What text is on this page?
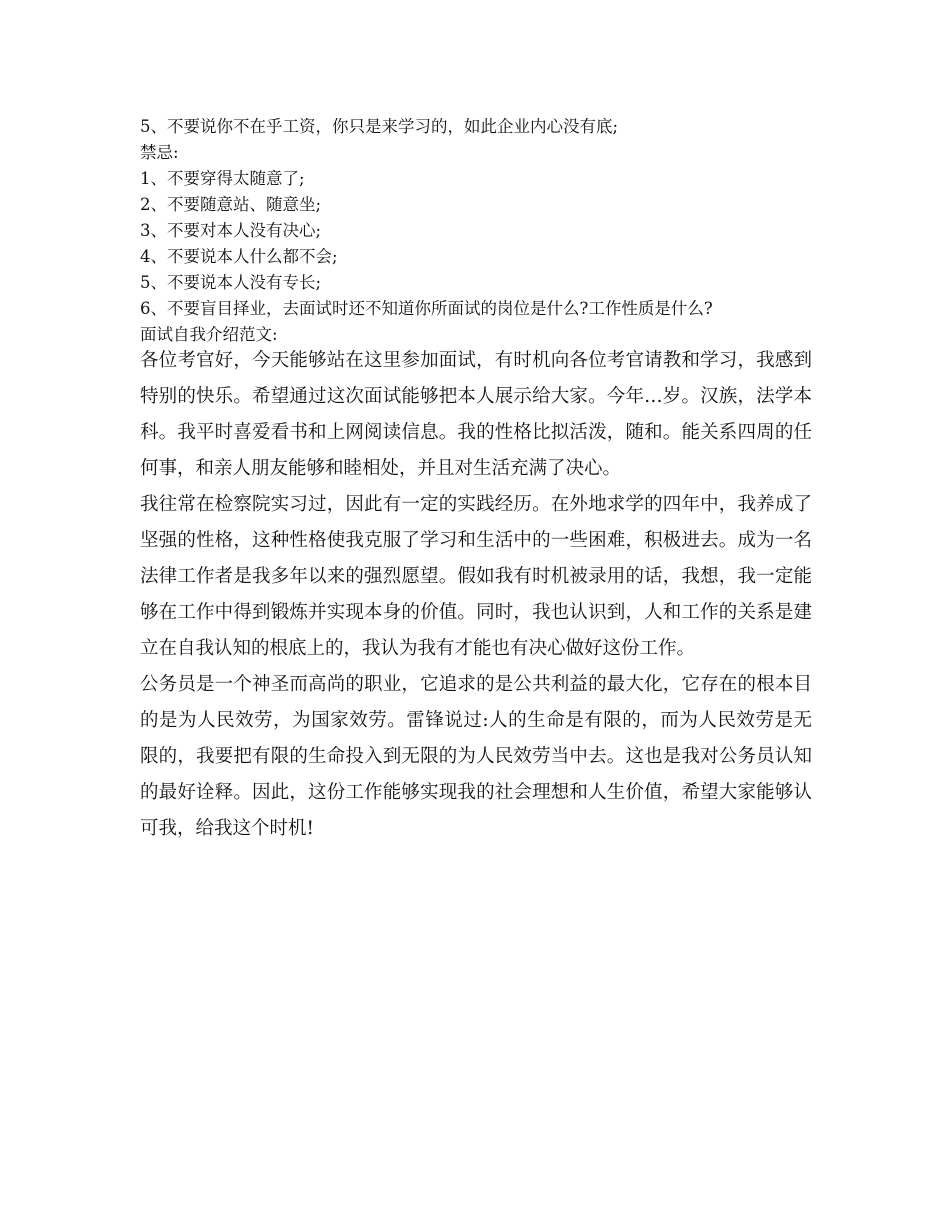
5、不要说你不在乎工资，你只是来学习的，如此企业内心没有底;

禁忌:

1、不要穿得太随意了;

2、不要随意站、随意坐;

3、不要对本人没有决心;

4、不要说本人什么都不会;

5、不要说本人没有专长;

6、不要盲目择业，去面试时还不知道你所面试的岗位是什么?工作性质是什么?

面试自我介绍范文:

各位考官好，今天能够站在这里参加面试，有时机向各位考官请教和学习，我感到特别的快乐。希望通过这次面试能够把本人展示给大家。今年…岁。汉族，法学本科。我平时喜爱看书和上网阅读信息。我的性格比拟活泼，随和。能关系四周的任何事，和亲人朋友能够和睦相处，并且对生活充满了决心。

我往常在检察院实习过，因此有一定的实践经历。在外地求学的四年中，我养成了坚强的性格，这种性格使我克服了学习和生活中的一些困难，积极进去。成为一名法律工作者是我多年以来的强烈愿望。假如我有时机被录用的话，我想，我一定能够在工作中得到锻炼并实现本身的价值。同时，我也认识到，人和工作的关系是建立在自我认知的根底上的，我认为我有才能也有决心做好这份工作。

公务员是一个神圣而高尚的职业，它追求的是公共利益的最大化，它存在的根本目的是为人民效劳，为国家效劳。雷锋说过:人的生命是有限的，而为人民效劳是无限的，我要把有限的生命投入到无限的为人民效劳当中去。这也是我对公务员认知的最好诠释。因此，这份工作能够实现我的社会理想和人生价值，希望大家能够认可我，给我这个时机!
